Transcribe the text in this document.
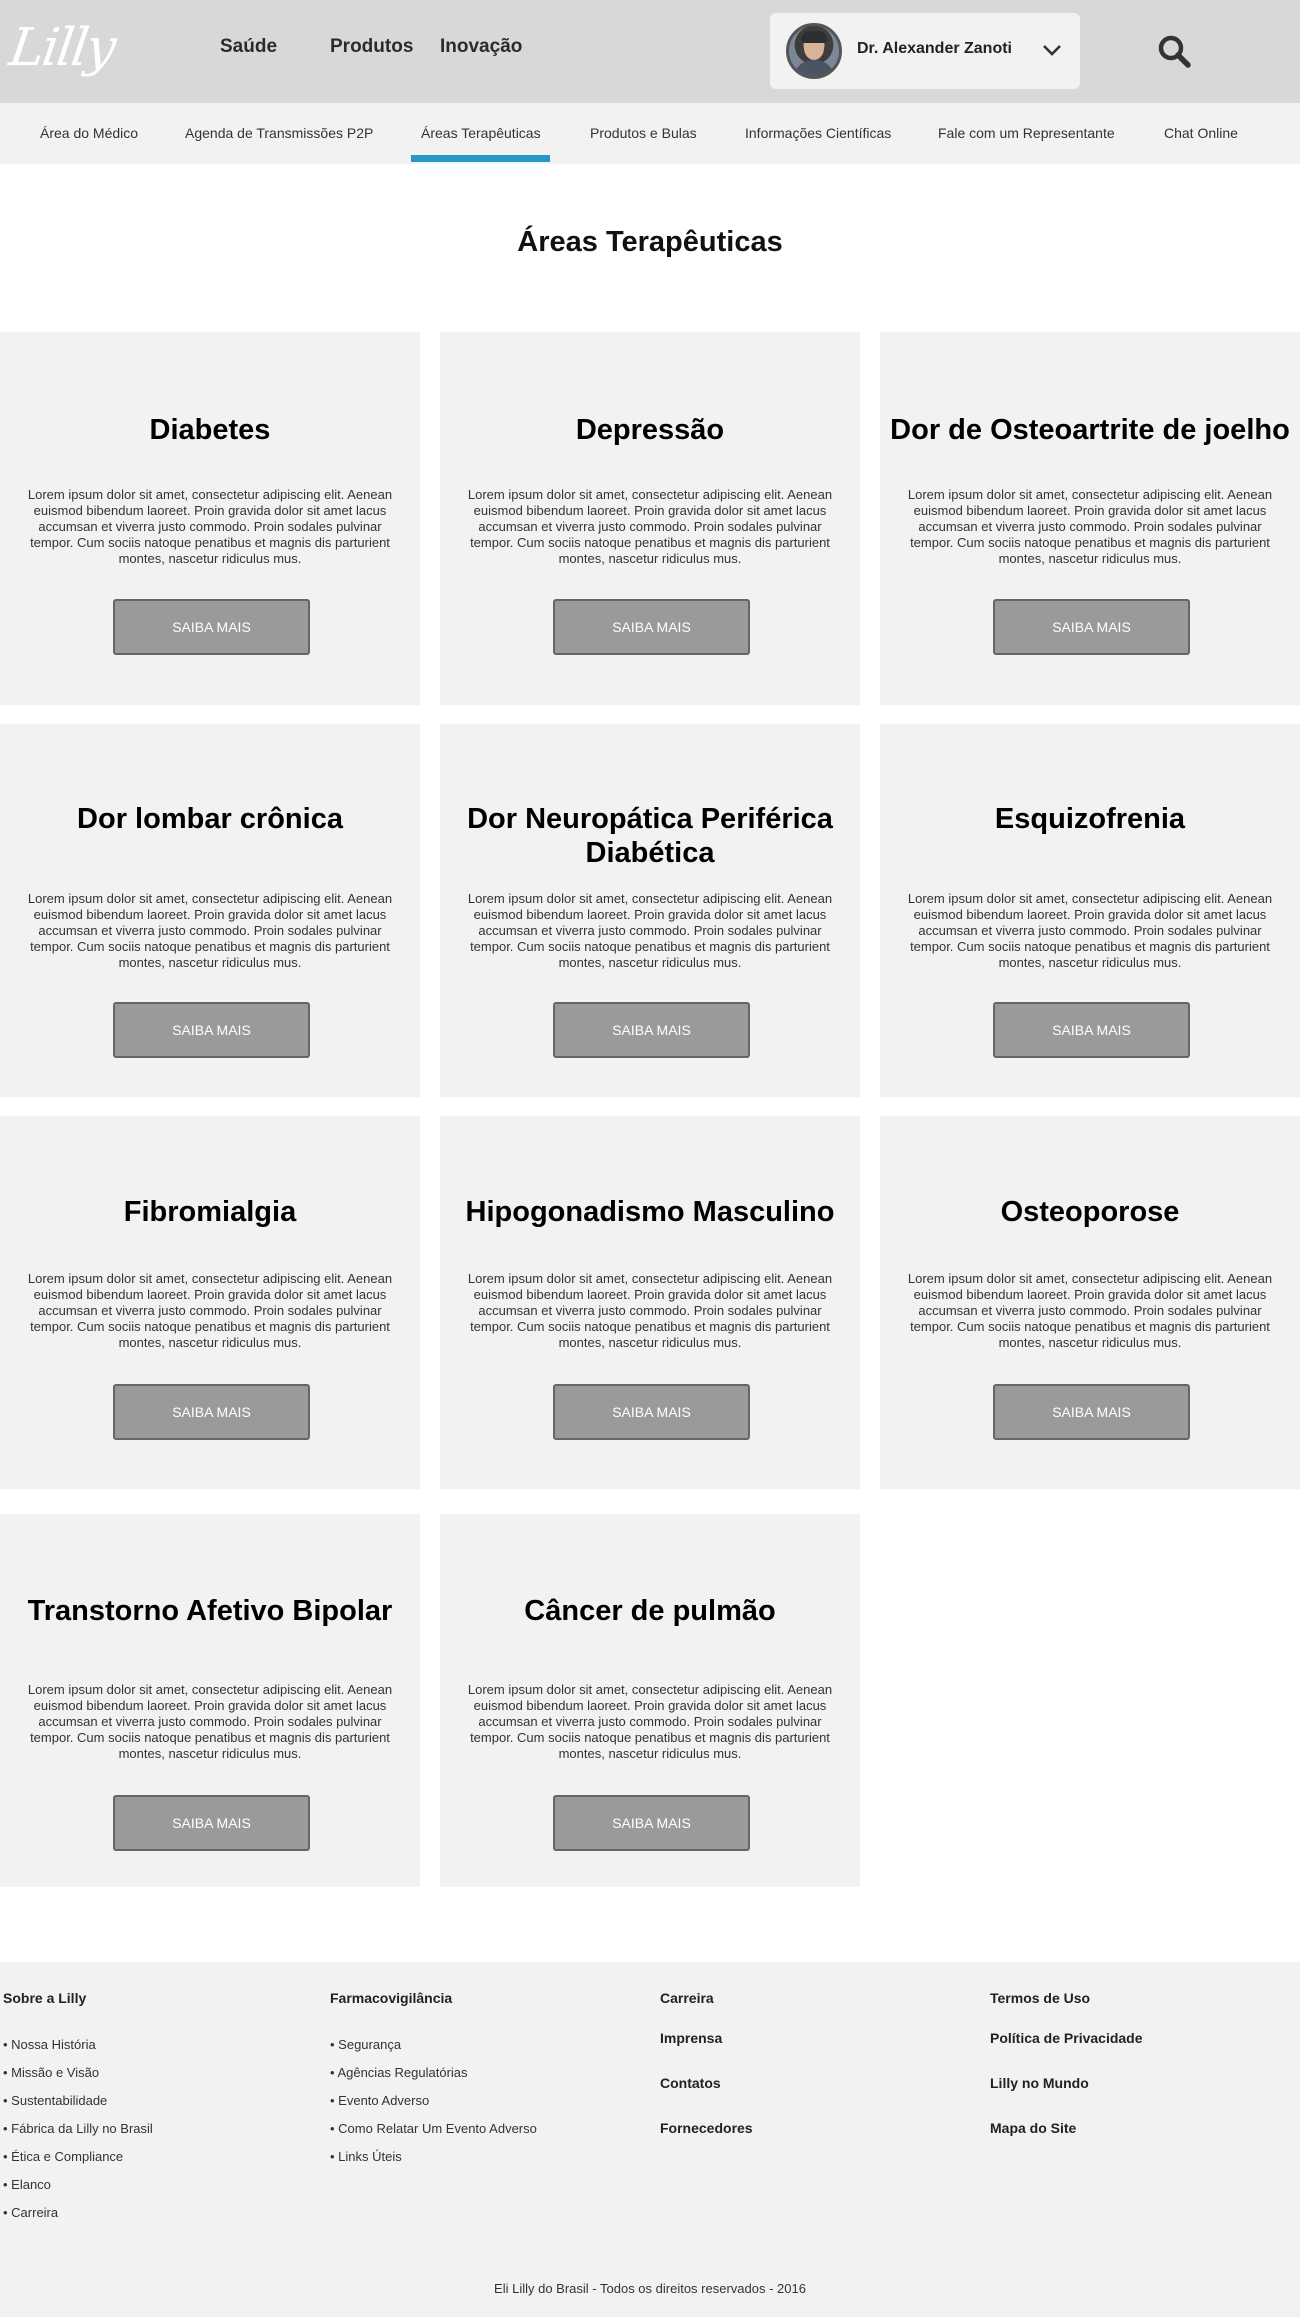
Lilly	Saúde	Produtos Inovação	Dr. Alexander Zanoti
Área do Médico	Agenda de Transmissões P2P	Áreas Terapêuticas	Produtos e Bulas	Informações Científicas	Fale com um Representante	Chat Online
Áreas Terapêuticas
Diabetes
Lorem ipsum dolor sit amet, consectetur adipiscing elit. Aenean euismod bibendum laoreet. Proin gravida dolor sit amet lacus accumsan et viverra justo commodo. Proin sodales pulvinar tempor. Cum sociis natoque penatibus et magnis dis parturient montes, nascetur ridiculus mus.
SAIBA MAIS
Depressão
Lorem ipsum dolor sit amet, consectetur adipiscing elit. Aenean euismod bibendum laoreet. Proin gravida dolor sit amet lacus accumsan et viverra justo commodo. Proin sodales pulvinar tempor. Cum sociis natoque penatibus et magnis dis parturient montes, nascetur ridiculus mus.
SAIBA MAIS
Dor de Osteoartrite de joelho
Lorem ipsum dolor sit amet, consectetur adipiscing elit. Aenean euismod bibendum laoreet. Proin gravida dolor sit amet lacus accumsan et viverra justo commodo. Proin sodales pulvinar tempor. Cum sociis natoque penatibus et magnis dis parturient montes, nascetur ridiculus mus.
SAIBA MAIS
Dor lombar crônica
Lorem ipsum dolor sit amet, consectetur adipiscing elit. Aenean euismod bibendum laoreet. Proin gravida dolor sit amet lacus accumsan et viverra justo commodo. Proin sodales pulvinar tempor. Cum sociis natoque penatibus et magnis dis parturient montes, nascetur ridiculus mus.
SAIBA MAIS
Dor Neuropática Periférica Diabética
Lorem ipsum dolor sit amet, consectetur adipiscing elit. Aenean euismod bibendum laoreet. Proin gravida dolor sit amet lacus accumsan et viverra justo commodo. Proin sodales pulvinar tempor. Cum sociis natoque penatibus et magnis dis parturient montes, nascetur ridiculus mus.
SAIBA MAIS
Esquizofrenia
Lorem ipsum dolor sit amet, consectetur adipiscing elit. Aenean euismod bibendum laoreet. Proin gravida dolor sit amet lacus accumsan et viverra justo commodo. Proin sodales pulvinar tempor. Cum sociis natoque penatibus et magnis dis parturient montes, nascetur ridiculus mus.
SAIBA MAIS
Fibromialgia
Lorem ipsum dolor sit amet, consectetur adipiscing elit. Aenean euismod bibendum laoreet. Proin gravida dolor sit amet lacus accumsan et viverra justo commodo. Proin sodales pulvinar tempor. Cum sociis natoque penatibus et magnis dis parturient montes, nascetur ridiculus mus.
SAIBA MAIS
Hipogonadismo Masculino
Lorem ipsum dolor sit amet, consectetur adipiscing elit. Aenean euismod bibendum laoreet. Proin gravida dolor sit amet lacus accumsan et viverra justo commodo. Proin sodales pulvinar tempor. Cum sociis natoque penatibus et magnis dis parturient montes, nascetur ridiculus mus.
SAIBA MAIS
Osteoporose
Lorem ipsum dolor sit amet, consectetur adipiscing elit. Aenean euismod bibendum laoreet. Proin gravida dolor sit amet lacus accumsan et viverra justo commodo. Proin sodales pulvinar tempor. Cum sociis natoque penatibus et magnis dis parturient montes, nascetur ridiculus mus.
SAIBA MAIS
Transtorno Afetivo Bipolar
Lorem ipsum dolor sit amet, consectetur adipiscing elit. Aenean euismod bibendum laoreet. Proin gravida dolor sit amet lacus accumsan et viverra justo commodo. Proin sodales pulvinar tempor. Cum sociis natoque penatibus et magnis dis parturient montes, nascetur ridiculus mus.
SAIBA MAIS
Câncer de pulmão
Lorem ipsum dolor sit amet, consectetur adipiscing elit. Aenean euismod bibendum laoreet. Proin gravida dolor sit amet lacus accumsan et viverra justo commodo. Proin sodales pulvinar tempor. Cum sociis natoque penatibus et magnis dis parturient montes, nascetur ridiculus mus.
SAIBA MAIS
Sobre a Lilly
• Nossa História
• Missão e Visão
• Sustentabilidade
• Fábrica da Lilly no Brasil
• Ética e Compliance
• Elanco
• Carreira
Farmacovigilância
• Segurança
• Agências Regulatórias
• Evento Adverso
• Como Relatar Um Evento Adverso
• Links Úteis
Carreira
Imprensa
Contatos
Fornecedores
Termos de Uso
Política de Privacidade
Lilly no Mundo
Mapa do Site
Eli Lilly do Brasil - Todos os direitos reservados - 2016
